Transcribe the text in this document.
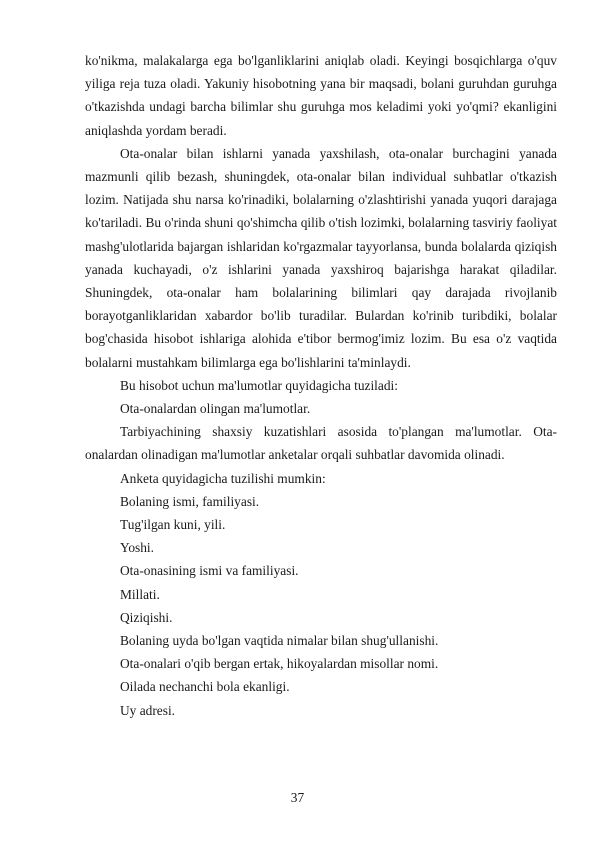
ko'nikma, malakalarga ega bo'lganliklarini aniqlab oladi. Keyingi bosqichlarga o'quv yiliga reja tuza oladi. Yakuniy hisobotning yana bir maqsadi, bolani guruhdan guruhga o'tkazishda undagi barcha bilimlar shu guruhga mos keladimi yoki yo'qmi? ekanligini aniqlashda yordam beradi.

Ota-onalar bilan ishlarni yanada yaxshilash, ota-onalar burchagini yanada mazmunli qilib bezash, shuningdek, ota-onalar bilan individual suhbatlar o'tkazish lozim. Natijada shu narsa ko'rinadiki, bolalarning o'zlashtirishi yanada yuqori darajaga ko'tariladi. Bu o'rinda shuni qo'shimcha qilib o'tish lozimki, bolalarning tasviriy faoliyat mashg'ulotlarida bajargan ishlaridan ko'rgazmalar tayyorlansa, bunda bolalarda qiziqish yanada kuchayadi, o'z ishlarini yanada yaxshiroq bajarishga harakat qiladilar. Shuningdek, ota-onalar ham bolalarining bilimlari qay darajada rivojlanib borayotganliklaridan xabardor bo'lib turadilar. Bulardan ko'rinib turibdiki, bolalar bog'chasida hisobot ishlariga alohida e'tibor bermog'imiz lozim. Bu esa o'z vaqtida bolalarni mustahkam bilimlarga ega bo'lishlarini ta'minlaydi.

Bu hisobot uchun ma'lumotlar quyidagicha tuziladi:

Ota-onalardan olingan ma'lumotlar.

Tarbiyachining shaxsiy kuzatishlari asosida to'plangan ma'lumotlar. Ota-onalardan olinadigan ma'lumotlar anketalar orqali suhbatlar davomida olinadi.

Anketa quyidagicha tuzilishi mumkin:

Bolaning ismi, familiyasi.

Tug'ilgan kuni, yili.

Yoshi.

Ota-onasining ismi va familiyasi.

Millati.

Qiziqishi.

Bolaning uyda bo'lgan vaqtida nimalar bilan shug'ullanishi.

Ota-onalari o'qib bergan ertak, hikoyalardan misollar nomi.

Oilada nechanchi bola ekanligi.

Uy adresi.

37
